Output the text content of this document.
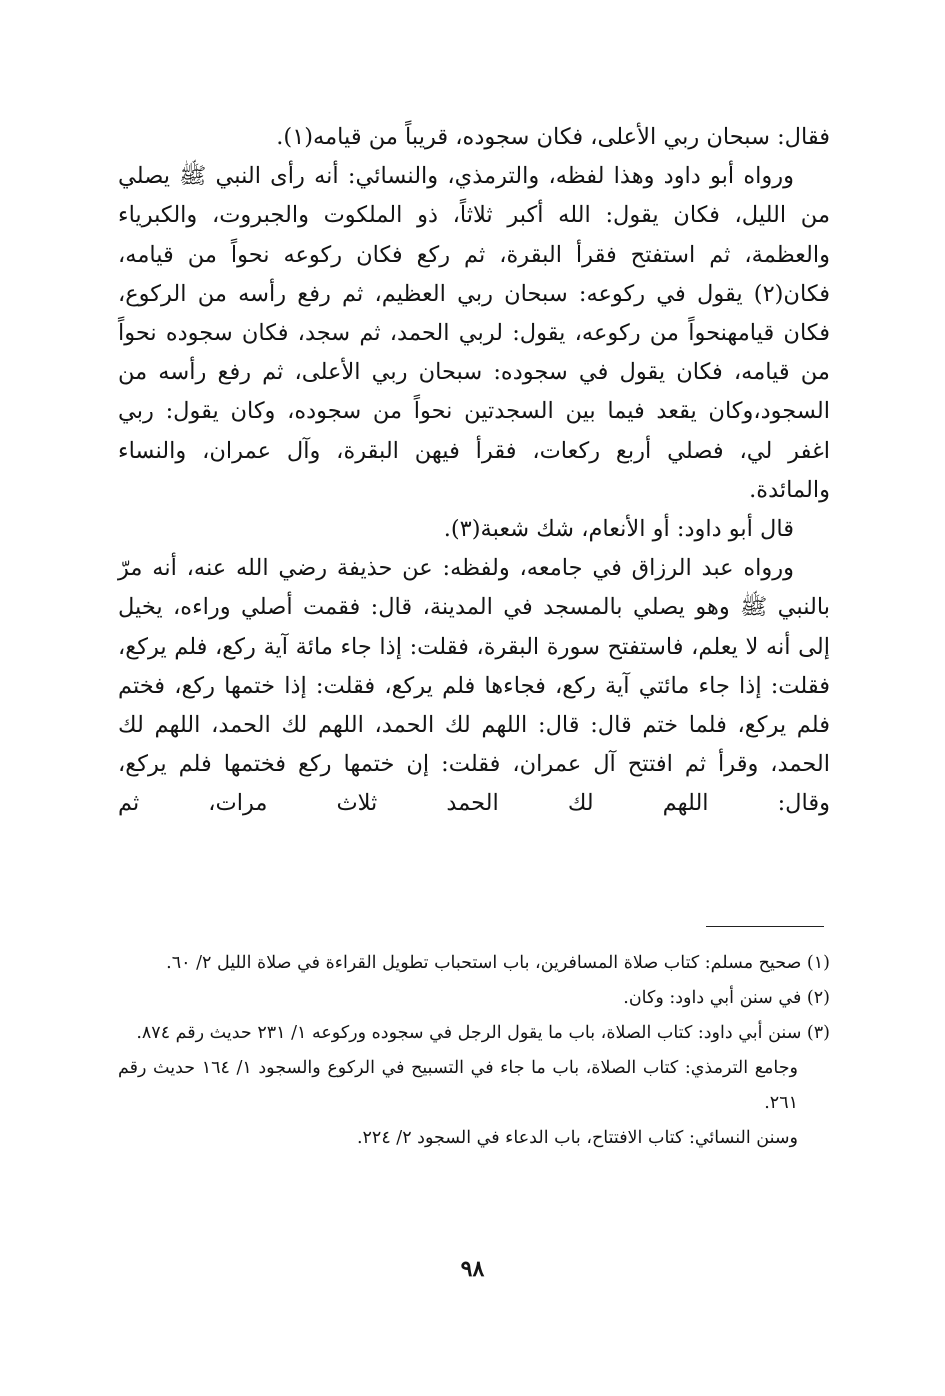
فقال: سبحان ربي الأعلى، فكان سجوده، قريباً من قيامه(١).

ورواه أبو داود وهذا لفظه، والترمذي، والنسائي: أنه رأى النبي ﷺ يصلي من الليل، فكان يقول: الله أكبر ثلاثاً، ذو الملكوت والجبروت، والكبرياء والعظمة، ثم استفتح فقرأ البقرة، ثم ركع فكان ركوعه نحواً من قيامه، فكان(٢) يقول في ركوعه: سبحان ربي العظيم، ثم رفع رأسه من الركوع، فكان قيامهنحواً من ركوعه، يقول: لربي الحمد، ثم سجد، فكان سجوده نحواً من قيامه، فكان يقول في سجوده: سبحان ربي الأعلى، ثم رفع رأسه من السجود،وكان يقعد فيما بين السجدتين نحواً من سجوده، وكان يقول: ربي اغفر لي، فصلي أربع ركعات، فقرأ فيهن البقرة، وآل عمران، والنساء والمائدة.

قال أبو داود: أو الأنعام، شك شعبة(٣).

ورواه عبد الرزاق في جامعه، ولفظه: عن حذيفة رضي الله عنه، أنه مرّ بالنبي ﷺ وهو يصلي بالمسجد في المدينة، قال: فقمت أصلي وراءه، يخيل إلى أنه لا يعلم، فاستفتح سورة البقرة، فقلت: إذا جاء مائة آية ركع، فلم يركع، فقلت: إذا جاء مائتي آية ركع، فجاءها فلم يركع، فقلت: إذا ختمها ركع، فختم فلم يركع، فلما ختم قال: قال: اللهم لك الحمد، اللهم لك الحمد، اللهم لك الحمد، وقرأ ثم افتتح آل عمران، فقلت: إن ختمها ركع فختمها فلم يركع، وقال: اللهم لك الحمد ثلاث مرات، ثم

(١) صحيح مسلم: كتاب صلاة المسافرين، باب استحباب تطويل القراءة في صلاة الليل ٢/ ٦٠.

(٢) في سنن أبي داود: وكان.

(٣) سنن أبي داود: كتاب الصلاة، باب ما يقول الرجل في سجوده وركوعه ١/ ٢٣١ حديث رقم ٨٧٤.

وجامع الترمذي: كتاب الصلاة، باب ما جاء في التسبيح في الركوع والسجود ١/ ١٦٤ حديث رقم ٢٦١.

وسنن النسائي: كتاب الافتتاح، باب الدعاء في السجود ٢/ ٢٢٤.

٩٨
